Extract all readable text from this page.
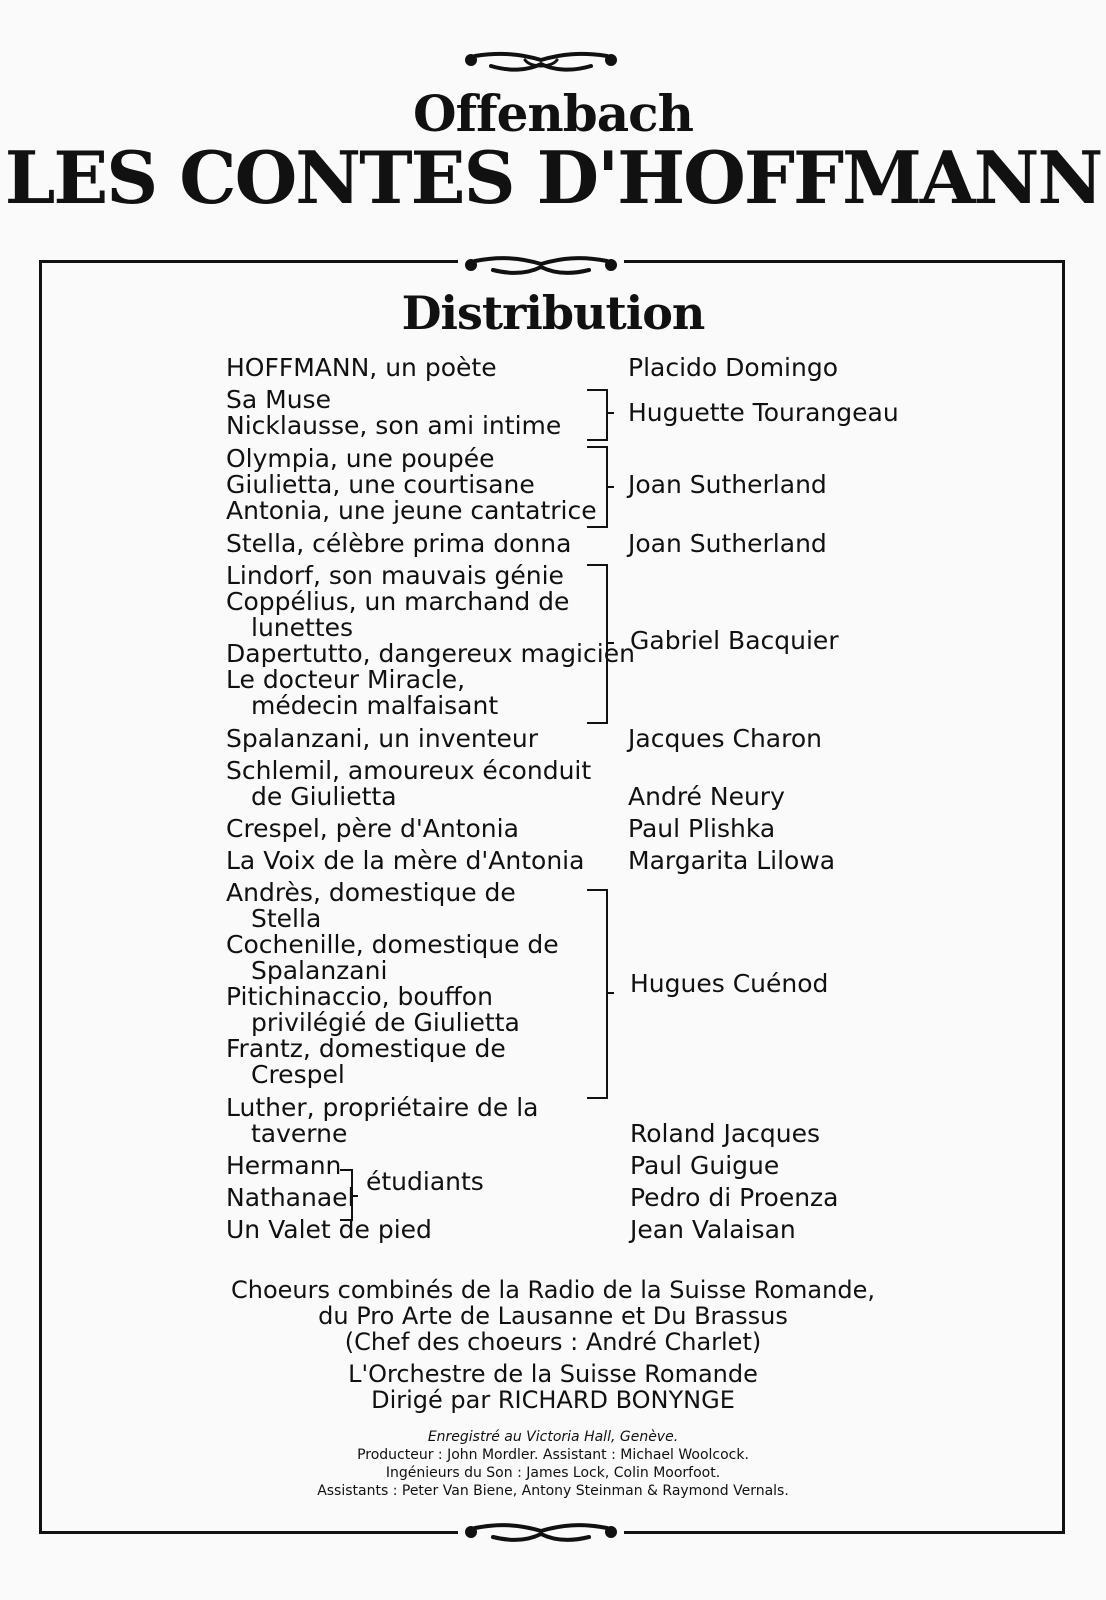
Offenbach
LES CONTES D'HOFFMANN
Distribution
HOFFMANN, un poète
Sa Muse
Nicklausse, son ami intime
Olympia, une poupée
Giulietta, une courtisane
Antonia, une jeune cantatrice
Stella, célèbre prima donna
Lindorf, son mauvais génie
Coppélius, un marchand de
lunettes
Dapertutto, dangereux magicien
Le docteur Miracle,
médecin malfaisant
Spalanzani, un inventeur
Schlemil, amoureux éconduit
de Giulietta
Crespel, père d'Antonia
La Voix de la mère d'Antonia
Andrès, domestique de
Stella
Cochenille, domestique de
Spalanzani
Pitichinaccio, bouffon
privilégié de Giulietta
Frantz, domestique de
Crespel
Luther, propriétaire de la
taverne
Hermann
Nathanael
Un Valet de pied
étudiants
Placido Domingo
Huguette Tourangeau
Joan Sutherland
Joan Sutherland
Gabriel Bacquier
Jacques Charon
André Neury
Paul Plishka
Margarita Lilowa
Hugues Cuénod
Roland Jacques
Paul Guigue
Pedro di Proenza
Jean Valaisan
Choeurs combinés de la Radio de la Suisse Romande,
du Pro Arte de Lausanne et Du Brassus
(Chef des choeurs : André Charlet)
L'Orchestre de la Suisse Romande
Dirigé par RICHARD BONYNGE
Enregistré au Victoria Hall, Genève.
Producteur : John Mordler. Assistant : Michael Woolcock.
Ingénieurs du Son : James Lock, Colin Moorfoot.
Assistants : Peter Van Biene, Antony Steinman & Raymond Vernals.
